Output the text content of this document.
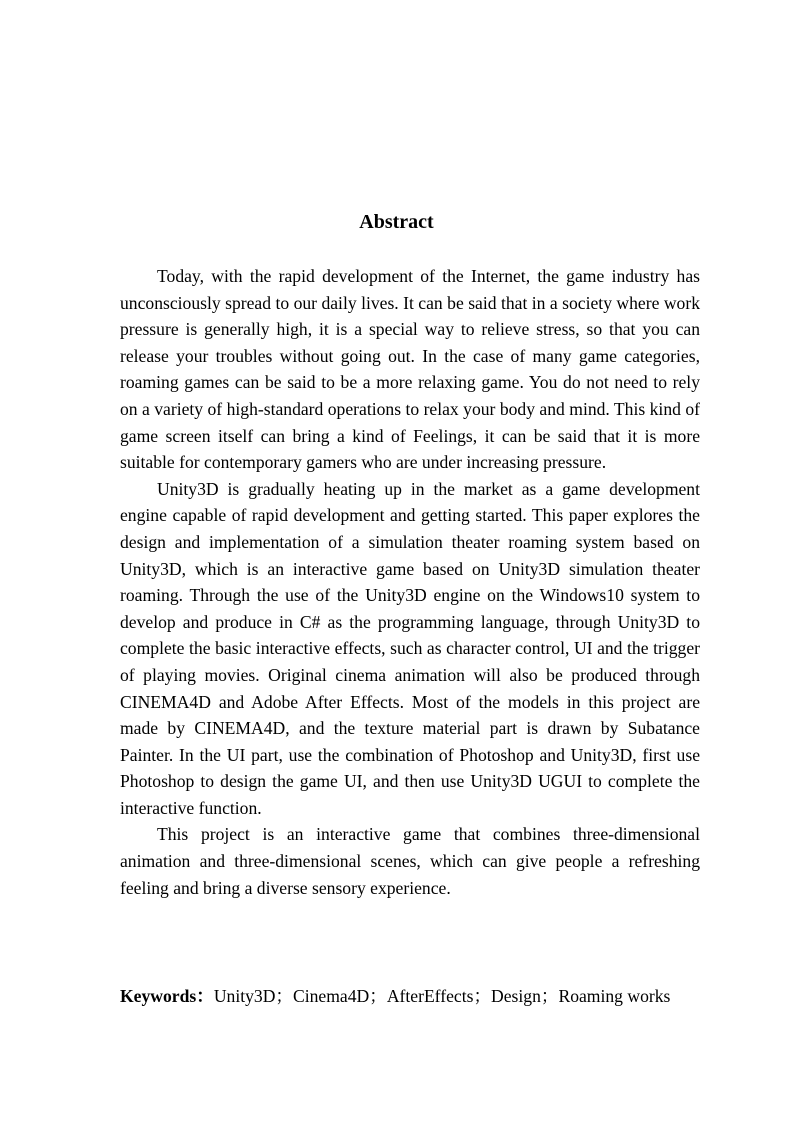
Abstract

Today, with the rapid development of the Internet, the game industry has unconsciously spread to our daily lives. It can be said that in a society where work pressure is generally high, it is a special way to relieve stress, so that you can release your troubles without going out. In the case of many game categories, roaming games can be said to be a more relaxing game. You do not need to rely on a variety of high-standard operations to relax your body and mind. This kind of game screen itself can bring a kind of Feelings, it can be said that it is more suitable for contemporary gamers who are under increasing pressure.

Unity3D is gradually heating up in the market as a game development engine capable of rapid development and getting started. This paper explores the design and implementation of a simulation theater roaming system based on Unity3D, which is an interactive game based on Unity3D simulation theater roaming. Through the use of the Unity3D engine on the Windows10 system to develop and produce in C# as the programming language, through Unity3D to complete the basic interactive effects, such as character control, UI and the trigger of playing movies. Original cinema animation will also be produced through CINEMA4D and Adobe After Effects. Most of the models in this project are made by CINEMA4D, and the texture material part is drawn by Subatance Painter. In the UI part, use the combination of Photoshop and Unity3D, first use Photoshop to design the game UI, and then use Unity3D UGUI to complete the interactive function.

This project is an interactive game that combines three-dimensional animation and three-dimensional scenes, which can give people a refreshing feeling and bring a diverse sensory experience.

Keywords：Unity3D；Cinema4D；AfterEffects；Design；Roaming works
